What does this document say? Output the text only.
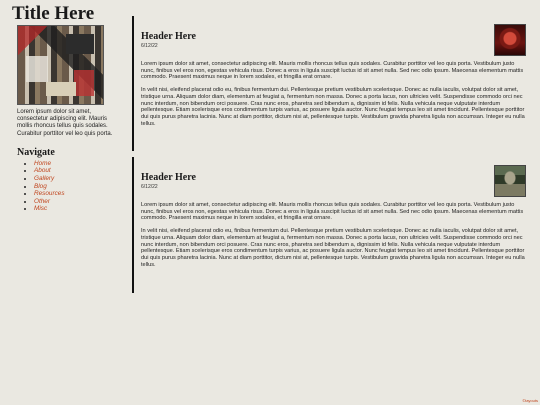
Title Here

Lorem ipsum dolor sit amet, consectetur adipiscing elit. Mauris mollis rhoncus tellus quis sodales. Curabitur porttitor vel leo quis porta.

Navigate
• Home
• About
• Gallery
• Blog
• Resources
• Other
• Misc
Header Here
6/12/22

Lorem ipsum dolor sit amet, consectetur adipiscing elit. Mauris mollis rhoncus tellus quis sodales. Curabitur porttitor vel leo quis porta. Vestibulum justo nunc, finibus vel eros non, egestas vehicula risus. Donec a eros in ligula suscipit luctus id sit amet nulla. Sed nec odio ipsum. Maecenas elementum mattis commodo. Praesent maximus neque in lorem sodales, et fringilla erat ornare.

In velit nisi, eleifend placerat odio eu, finibus fermentum dui. Pellentesque pretium vestibulum scelerisque. Donec ac nulla iaculis, volutpat dolor sit amet, tristique urna. Aliquam dolor diam, elementum at feugiat a, fermentum non massa. Donec a porta lacus, non ultricies velit. Suspendisse commodo orci nec nunc interdum, non bibendum orci posuere. Cras nunc eros, pharetra sed bibendum a, dignissim id felis. Nulla vehicula neque vulputate interdum pellentesque. Etiam scelerisque eros condimentum turpis varius, ac posuere ligula auctor. Nunc feugiat tempus leo sit amet tincidunt. Pellentesque porttitor dui quis purus pharetra lacinia. Nunc at diam porttitor, dictum nisi at, pellentesque turpis. Vestibulum gravida pharetra ligula non accumsan. Integer eu nulla tellus.

Header Here
6/12/22

Lorem ipsum dolor sit amet, consectetur adipiscing elit. Mauris mollis rhoncus tellus quis sodales. Curabitur porttitor vel leo quis porta. Vestibulum justo nunc, finibus vel eros non, egestas vehicula risus. Donec a eros in ligula suscipit luctus id sit amet nulla. Sed nec odio ipsum. Maecenas elementum mattis commodo. Praesent maximus neque in lorem sodales, et fringilla erat ornare.

In velit nisi, eleifend placerat odio eu, finibus fermentum dui. Pellentesque pretium vestibulum scelerisque. Donec ac nulla iaculis, volutpat dolor sit amet, tristique urna. Aliquam dolor diam, elementum at feugiat a, fermentum non massa. Donec a porta lacus, non ultricies velit. Suspendisse commodo orci nec nunc interdum, non bibendum orci posuere. Cras nunc eros, pharetra sed bibendum a, dignissim id felis. Nulla vehicula neque vulputate interdum pellentesque. Etiam scelerisque eros condimentum turpis varius, ac posuere ligula auctor. Nunc feugiat tempus leo sit amet tincidunt. Pellentesque porttitor dui quis purus pharetra lacinia. Nunc at diam porttitor, dictum nisi at, pellentesque turpis. Vestibulum gravida pharetra ligula non accumsan. Integer eu nulla tellus.

©layouts
